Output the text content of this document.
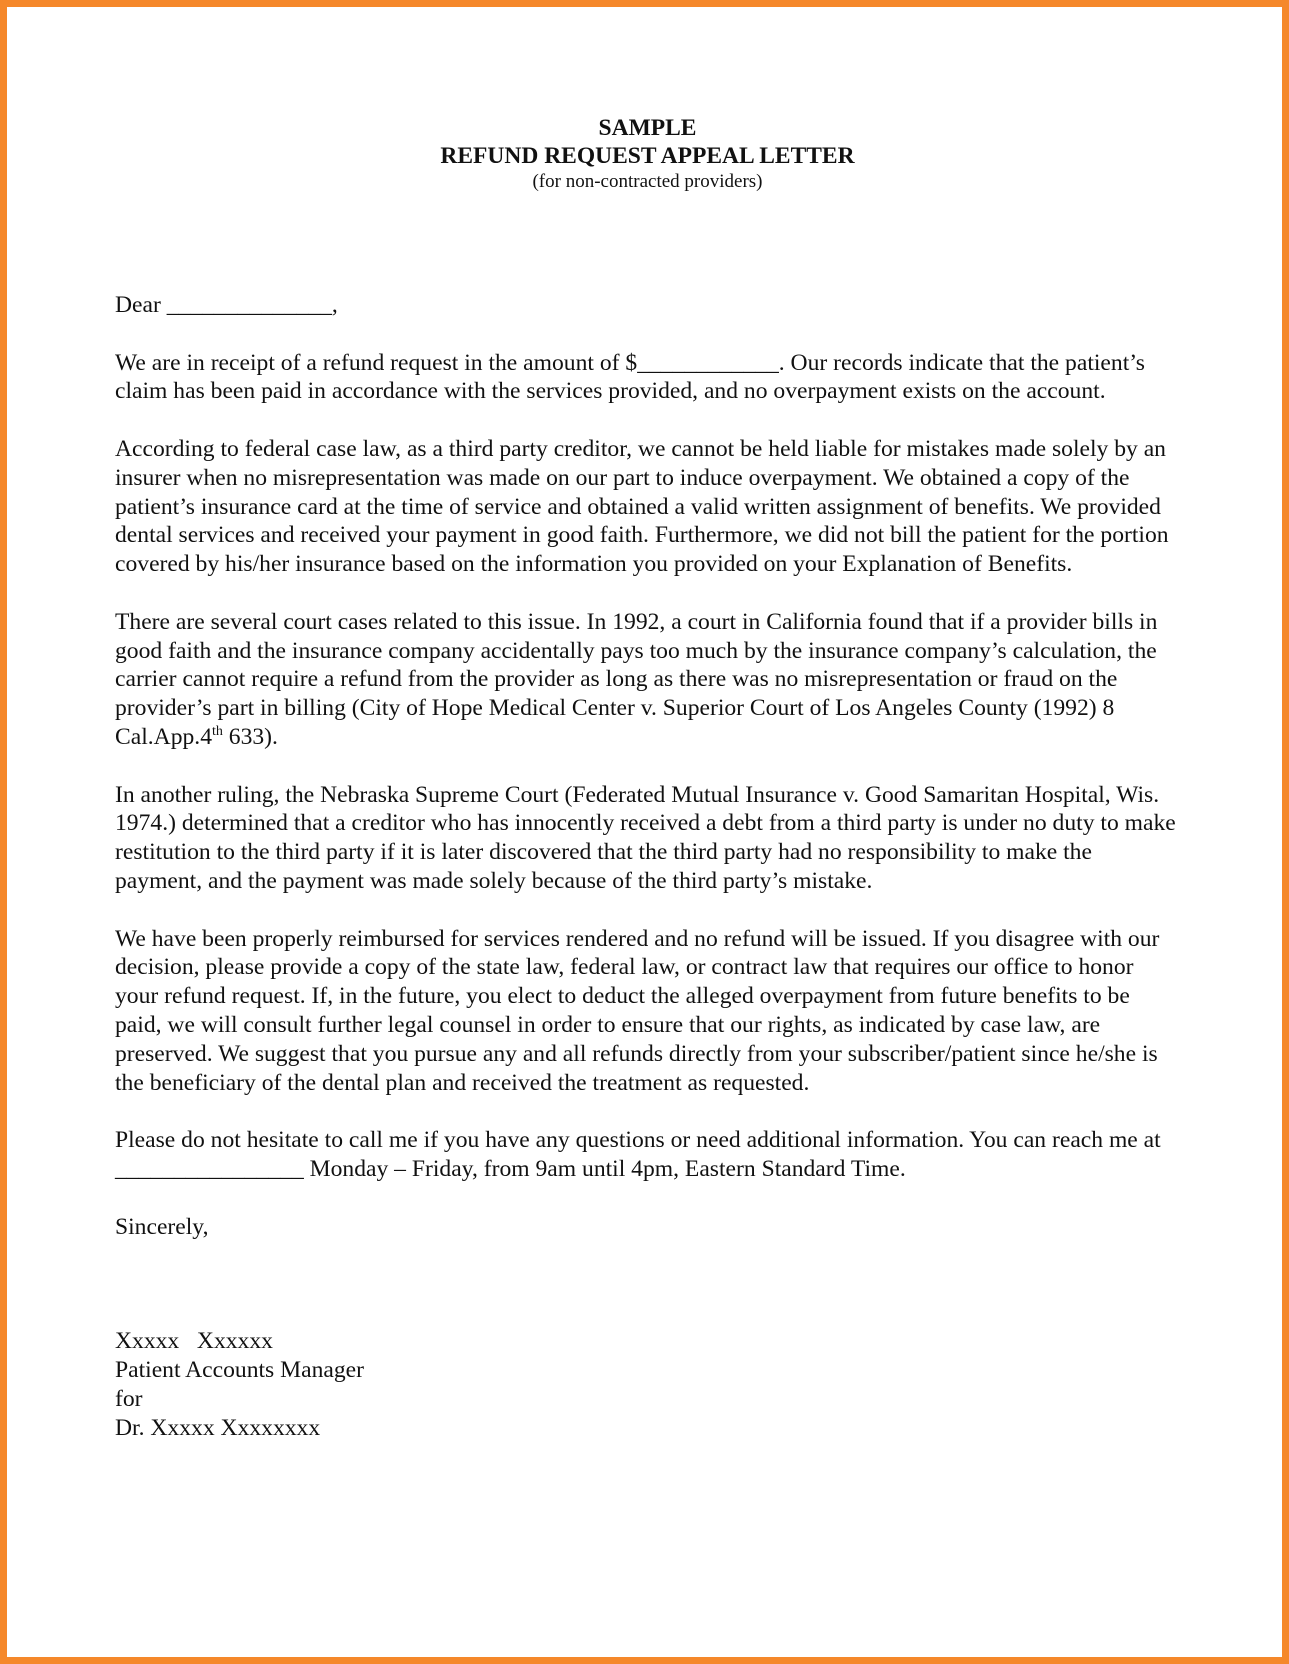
SAMPLE
REFUND REQUEST APPEAL LETTER
(for non-contracted providers)

Dear ______________,

We are in receipt of a refund request in the amount of $____________. Our records indicate that the patient’s claim has been paid in accordance with the services provided, and no overpayment exists on the account.

According to federal case law, as a third party creditor, we cannot be held liable for mistakes made solely by an insurer when no misrepresentation was made on our part to induce overpayment. We obtained a copy of the patient’s insurance card at the time of service and obtained a valid written assignment of benefits. We provided dental services and received your payment in good faith. Furthermore, we did not bill the patient for the portion covered by his/her insurance based on the information you provided on your Explanation of Benefits.

There are several court cases related to this issue. In 1992, a court in California found that if a provider bills in good faith and the insurance company accidentally pays too much by the insurance company’s calculation, the carrier cannot require a refund from the provider as long as there was no misrepresentation or fraud on the provider’s part in billing (City of Hope Medical Center v. Superior Court of Los Angeles County (1992) 8 Cal.App.4th 633).

In another ruling, the Nebraska Supreme Court (Federated Mutual Insurance v. Good Samaritan Hospital, Wis. 1974.) determined that a creditor who has innocently received a debt from a third party is under no duty to make restitution to the third party if it is later discovered that the third party had no responsibility to make the payment, and the payment was made solely because of the third party’s mistake.

We have been properly reimbursed for services rendered and no refund will be issued. If you disagree with our decision, please provide a copy of the state law, federal law, or contract law that requires our office to honor your refund request. If, in the future, you elect to deduct the alleged overpayment from future benefits to be paid, we will consult further legal counsel in order to ensure that our rights, as indicated by case law, are preserved. We suggest that you pursue any and all refunds directly from your subscriber/patient since he/she is the beneficiary of the dental plan and received the treatment as requested.

Please do not hesitate to call me if you have any questions or need additional information. You can reach me at ________________ Monday – Friday, from 9am until 4pm, Eastern Standard Time.

Sincerely,

Xxxxx   Xxxxxx
Patient Accounts Manager
for
Dr. Xxxxx Xxxxxxxx
